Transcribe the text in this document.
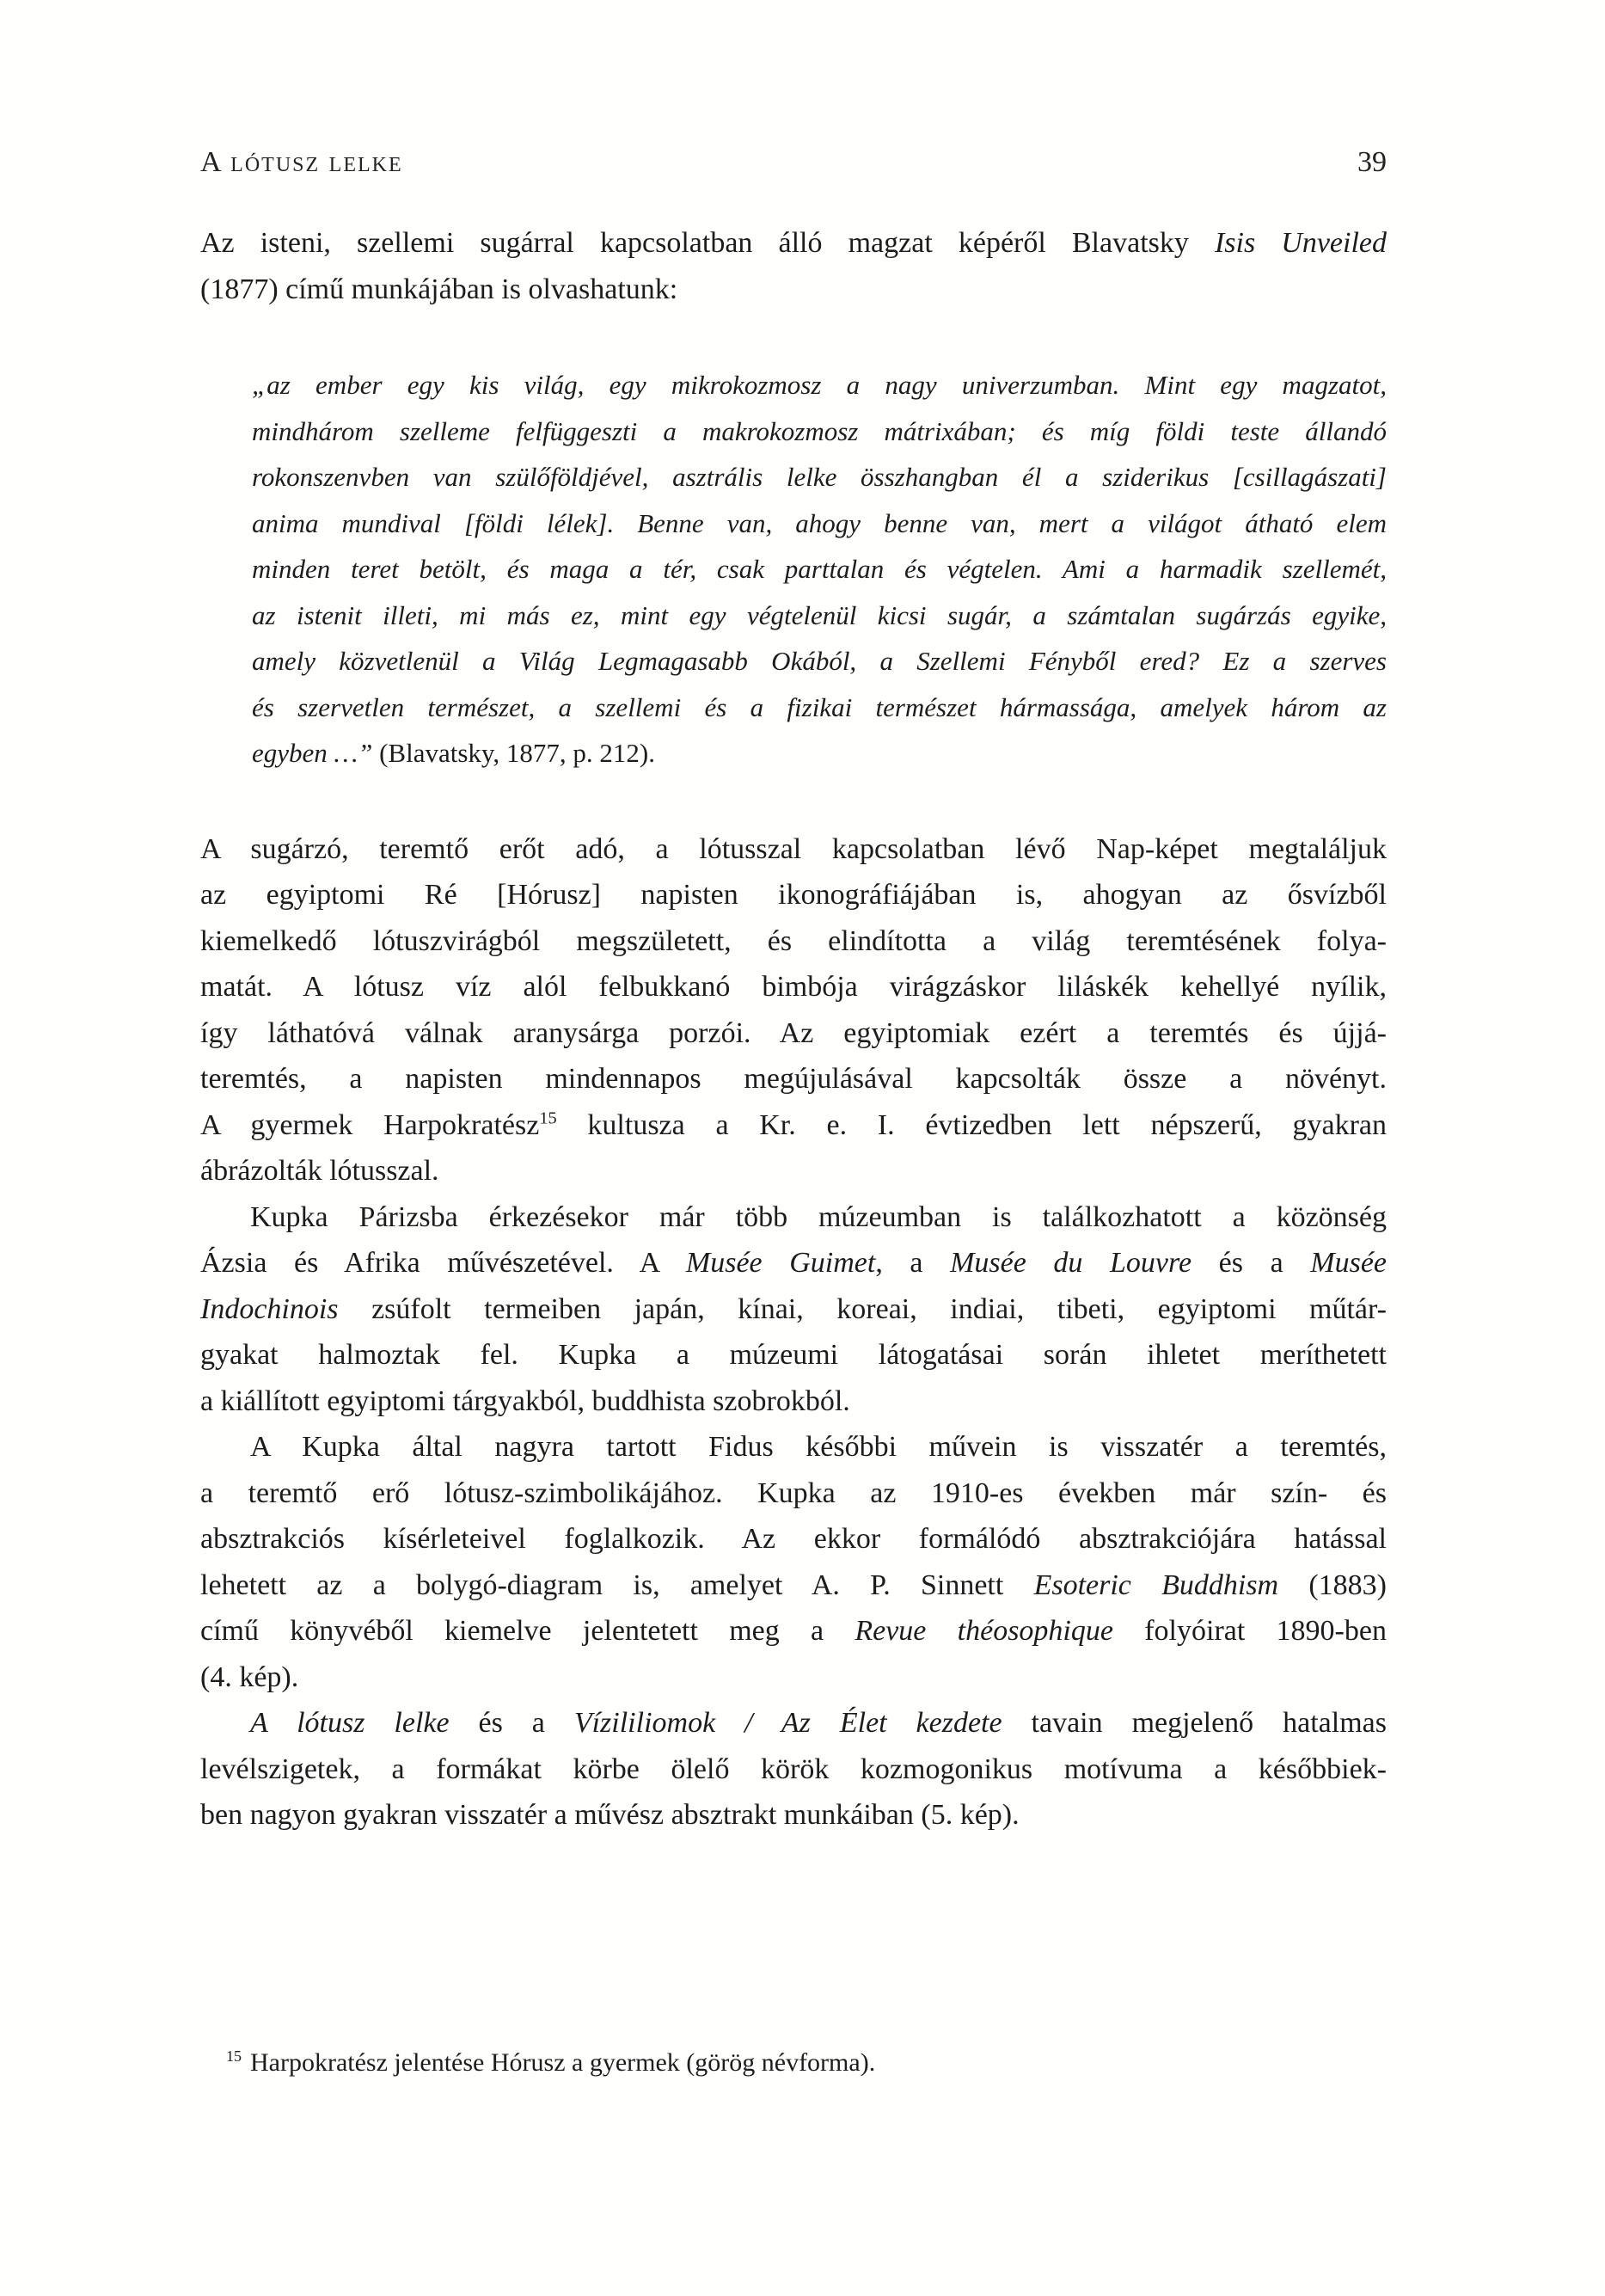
A lótusz lelke	39
Az isteni, szellemi sugárral kapcsolatban álló magzat képéről Blavatsky Isis Unveiled
(1877) című munkájában is olvashatunk:
„az ember egy kis világ, egy mikrokozmosz a nagy univerzumban. Mint egy magzatot,
mindhárom szelleme felfüggeszti a makrokozmosz mátrixában; és míg földi teste állandó
rokonszenvben van szülőföldjével, asztrális lelke összhangban él a sziderikus [csillagászati]
anima mundival [földi lélek]. Benne van, ahogy benne van, mert a világot átható elem
minden teret betölt, és maga a tér, csak parttalan és végtelen. Ami a harmadik szellemét,
az istenit illeti, mi más ez, mint egy végtelenül kicsi sugár, a számtalan sugárzás egyike,
amely közvetlenül a Világ Legmagasabb Okából, a Szellemi Fényből ered? Ez a szerves
és szervetlen természet, a szellemi és a fizikai természet hármassága, amelyek három az
egyben …” (Blavatsky, 1877, p. 212).
A sugárzó, teremtő erőt adó, a lótusszal kapcsolatban lévő Nap-képet megtaláljuk
az egyiptomi Ré [Hórusz] napisten ikonográfiájában is, ahogyan az ősvízből
kiemelkedő lótuszvirágból megszületett, és elindította a világ teremtésének folya-
matát. A lótusz víz alól felbukkanó bimbója virágzáskor liláskék kehellyé nyílik,
így láthatóvá válnak aranysárga porzói. Az egyiptomiak ezért a teremtés és újjá-
teremtés, a napisten mindennapos megújulásával kapcsolták össze a növényt.
A gyermek Harpokratész$^{15}$ kultusza a Kr. e. I. évtizedben lett népszerű, gyakran
ábrázolták lótusszal.
Kupka Párizsba érkezésekor már több múzeumban is találkozhatott a közönség
Ázsia és Afrika művészetével. A Musée Guimet, a Musée du Louvre és a Musée
Indochinois zsúfolt termeiben japán, kínai, koreai, indiai, tibeti, egyiptomi műtár-
gyakat halmoztak fel. Kupka a múzeumi látogatásai során ihletet meríthetett
a kiállított egyiptomi tárgyakból, buddhista szobrokból.
A Kupka által nagyra tartott Fidus későbbi művein is visszatér a teremtés,
a teremtő erő lótusz-szimbolikájához. Kupka az 1910-es években már szín- és
absztrakciós kísérleteivel foglalkozik. Az ekkor formálódó absztrakciójára hatással
lehetett az a bolygó-diagram is, amelyet A. P. Sinnett Esoteric Buddhism (1883)
című könyvéből kiemelve jelentetett meg a Revue théosophique folyóirat 1890-ben
(4. kép).
A lótusz lelke és a Vízililiomok / Az Élet kezdete tavain megjelenő hatalmas
levélszigetek, a formákat körbe ölelő körök kozmogonikus motívuma a későbbiek-
ben nagyon gyakran visszatér a művész absztrakt munkáiban (5. kép).
$^{15}$ Harpokratész jelentése Hórusz a gyermek (görög névforma).
